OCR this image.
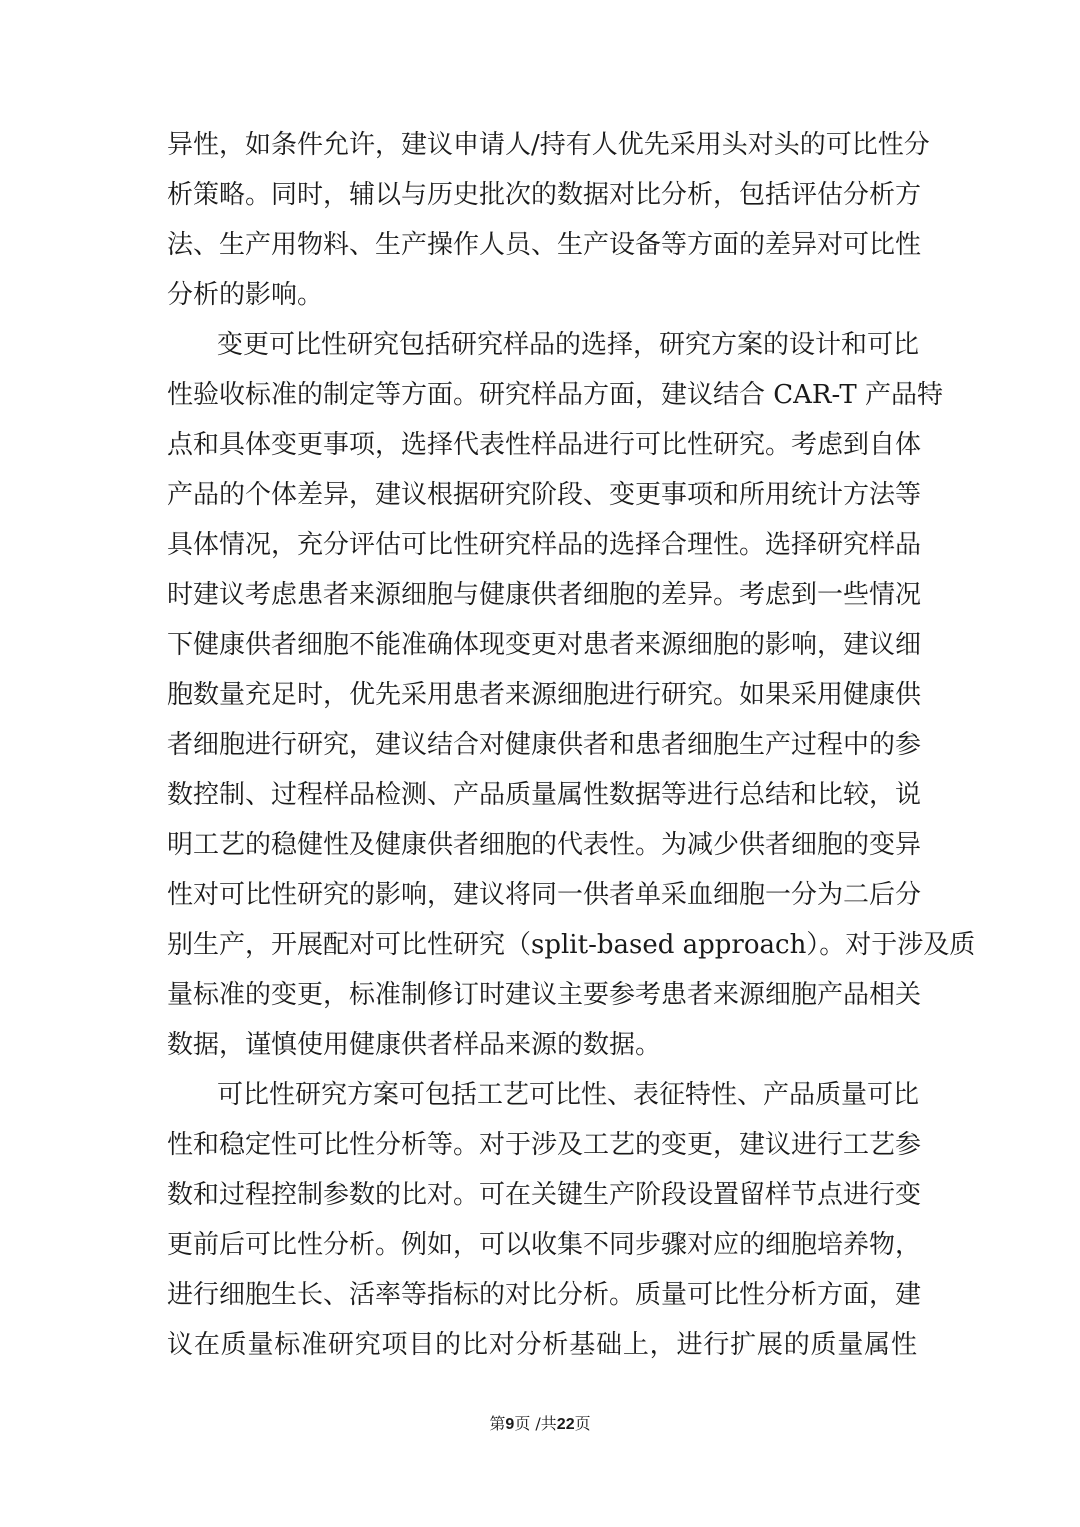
异性，如条件允许，建议申请人/持有人优先采用头对头的可比性分
析策略。同时，辅以与历史批次的数据对比分析，包括评估分析方
法、生产用物料、生产操作人员、生产设备等方面的差异对可比性
分析的影响。
变更可比性研究包括研究样品的选择，研究方案的设计和可比
性验收标准的制定等方面。研究样品方面，建议结合 CAR-T 产品特
点和具体变更事项，选择代表性样品进行可比性研究。考虑到自体
产品的个体差异，建议根据研究阶段、变更事项和所用统计方法等
具体情况，充分评估可比性研究样品的选择合理性。选择研究样品
时建议考虑患者来源细胞与健康供者细胞的差异。考虑到一些情况
下健康供者细胞不能准确体现变更对患者来源细胞的影响，建议细
胞数量充足时，优先采用患者来源细胞进行研究。如果采用健康供
者细胞进行研究，建议结合对健康供者和患者细胞生产过程中的参
数控制、过程样品检测、产品质量属性数据等进行总结和比较，说
明工艺的稳健性及健康供者细胞的代表性。为减少供者细胞的变异
性对可比性研究的影响，建议将同一供者单采血细胞一分为二后分
别生产，开展配对可比性研究（split-based approach）。对于涉及质
量标准的变更，标准制修订时建议主要参考患者来源细胞产品相关
数据，谨慎使用健康供者样品来源的数据。
可比性研究方案可包括工艺可比性、表征特性、产品质量可比
性和稳定性可比性分析等。对于涉及工艺的变更，建议进行工艺参
数和过程控制参数的比对。可在关键生产阶段设置留样节点进行变
更前后可比性分析。例如，可以收集不同步骤对应的细胞培养物，
进行细胞生长、活率等指标的对比分析。质量可比性分析方面，建
议在质量标准研究项目的比对分析基础上，进行扩展的质量属性
第9页 /共22页
